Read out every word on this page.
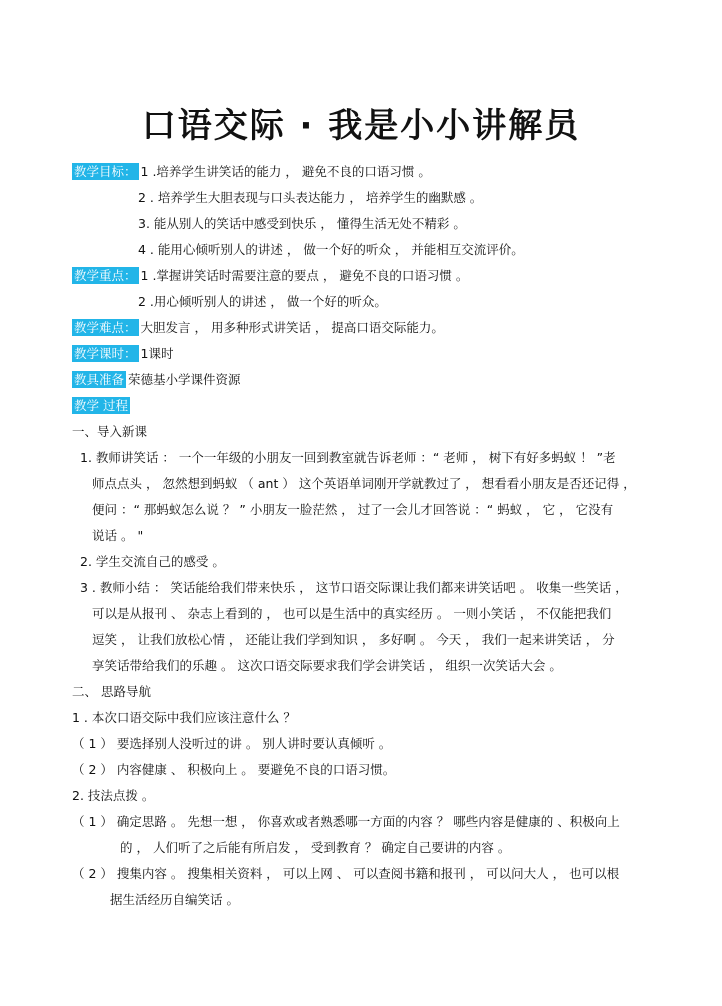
口语交际 · 我是小小讲解员
教学目标： 1 .培养学生讲笑话的能力 ， 避免不良的口语习惯 。
2 . 培养学生大胆表现与口头表达能力 ， 培养学生的幽默感 。
3. 能从别人的笑话中感受到快乐 ， 懂得生活无处不精彩 。
4 . 能用心倾听别人的讲述 ， 做一个好的听众 ， 并能相互交流评价。
教学重点： 1 .掌握讲笑话时需要注意的要点 ， 避免不良的口语习惯 。
2 .用心倾听别人的讲述 ， 做一个好的听众。
教学难点： 大胆发言 ， 用多种形式讲笑话 ， 提高口语交际能力。
教学课时： 1课时
教具准备 荣德基小学课件资源
教学 过程
一、导入新课
1. 教师讲笑话 ： 一个一年级的小朋友一回到教室就告诉老师 ：“ 老师 ， 树下有好多蚂蚁 ！ ”老
师点点头 ， 忽然想到蚂蚁 （ ant ） 这个英语单词刚开学就教过了 ， 想看看小朋友是否还记得 ，
便问 ：“ 那蚂蚁怎么说 ？ ” 小朋友一脸茫然 ， 过了一会儿才回答说 ：“ 蚂蚁 ， 它 ， 它没有
说话 。 "
2. 学生交流自己的感受 。
3 . 教师小结 ： 笑话能给我们带来快乐 ， 这节口语交际课让我们都来讲笑话吧 。 收集一些笑话 ，
可以是从报刊 、 杂志上看到的 ， 也可以是生活中的真实经历 。 一则小笑话 ， 不仅能把我们
逗笑 ， 让我们放松心情 ， 还能让我们学到知识 ， 多好啊 。 今天 ， 我们一起来讲笑话 ， 分
享笑话带给我们的乐趣 。 这次口语交际要求我们学会讲笑话 ， 组织一次笑话大会 。
二、 思路导航
1 . 本次口语交际中我们应该注意什么 ？
（ 1 ） 要选择别人没听过的讲 。 别人讲时要认真倾听 。
（ 2 ） 内容健康 、 积极向上 。 要避免不良的口语习惯。
2. 技法点拨 。
（ 1 ） 确定思路 。 先想一想 ， 你喜欢或者熟悉哪一方面的内容 ？ 哪些内容是健康的 、积极向上
的 ， 人们听了之后能有所启发 ， 受到教育 ？ 确定自己要讲的内容 。
（ 2 ） 搜集内容 。 搜集相关资料 ， 可以上网 、 可以查阅书籍和报刊 ， 可以问大人 ， 也可以根
据生活经历自编笑话 。
